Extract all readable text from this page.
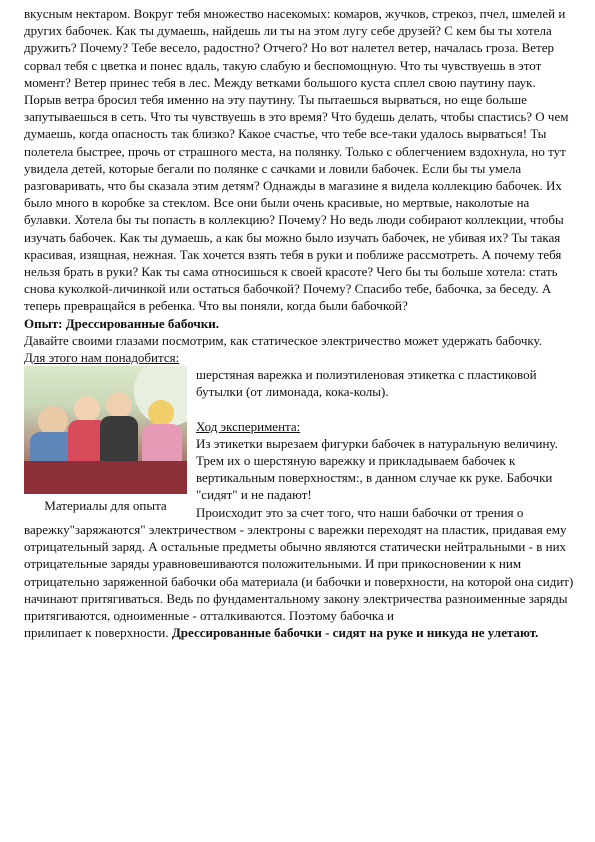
вкусным нектаром. Вокруг тебя множество насекомых: комаров, жучков, стрекоз, пчел, шмелей и других бабочек. Как ты думаешь, найдешь ли ты на этом лугу себе друзей? С кем бы ты хотела дружить? Почему? Тебе весело, радостно? Отчего? Но вот налетел ветер, началась гроза. Ветер сорвал тебя с цветка и понес вдаль, такую слабую и беспомощную. Что ты чувствуешь в этот момент? Ветер принес тебя в лес. Между ветками большого куста сплел свою паутину паук. Порыв ветра бросил тебя именно на эту паутину. Ты пытаешься вырваться, но еще больше запутываешься в сеть. Что ты чувствуешь в это время? Что будешь делать, чтобы спастись? О чем думаешь, когда опасность так близко? Какое счастье, что тебе все-таки удалось вырваться! Ты полетела быстрее, прочь от страшного места, на полянку. Только с облегчением вздохнула, но тут увидела детей, которые бегали по полянке с сачками и ловили бабочек. Если бы ты умела разговаривать, что бы сказала этим детям? Однажды в магазине я видела коллекцию бабочек. Их было много в коробке за стеклом. Все они были очень красивые, но мертвые, наколотые на булавки. Хотела бы ты попасть в коллекцию? Почему? Но ведь люди собирают коллекции, чтобы изучать бабочек. Как ты думаешь, а как бы можно было изучать бабочек, не убивая их? Ты такая красивая, изящная, нежная. Так хочется взять тебя в руки и поближе рассмотреть. А почему тебя нельзя брать в руки? Как ты сама относишься к своей красоте? Чего бы ты больше хотела: стать снова куколкой-личинкой или остаться бабочкой? Почему? Спасибо тебе, бабочка, за беседу. А теперь превращайся в ребенка. Что вы поняли, когда были бабочкой?

Опыт: Дрессированные бабочки.

Давайте своими глазами посмотрим, как статическое электричество может удержать бабочку.

Для этого нам понадобится:

Материалы для опыта

шерстяная варежка и полиэтиленовая этикетка с пластиковой бутылки (от лимонада, кока-колы).

Ход эксперимента:

Из этикетки вырезаем фигурки бабочек в натуральную величину. Трем их о шерстяную варежку и прикладываем бабочек к вертикальным поверхностям:, в данном случае кк руке. Бабочки "сидят" и не падают!

Происходит это за счет того, что наши бабочки от трения о варежку"заряжаются" электричеством - электроны с варежки переходят на пластик, придавая ему отрицательный заряд. А остальные предметы обычно являются статически нейтральными - в них отрицательные заряды уравновешиваются положительными. И при прикосновении к ним отрицательно заряженной бабочки оба материала (и бабочки и поверхности, на которой она сидит) начинают притягиваться. Ведь по фундаментальному закону электричества разноименные заряды притягиваются, одноименные - отталкиваются. Поэтому бабочка и

прилипает к поверхности. Дрессированные бабочки - сидят на руке и никуда не улетают.
